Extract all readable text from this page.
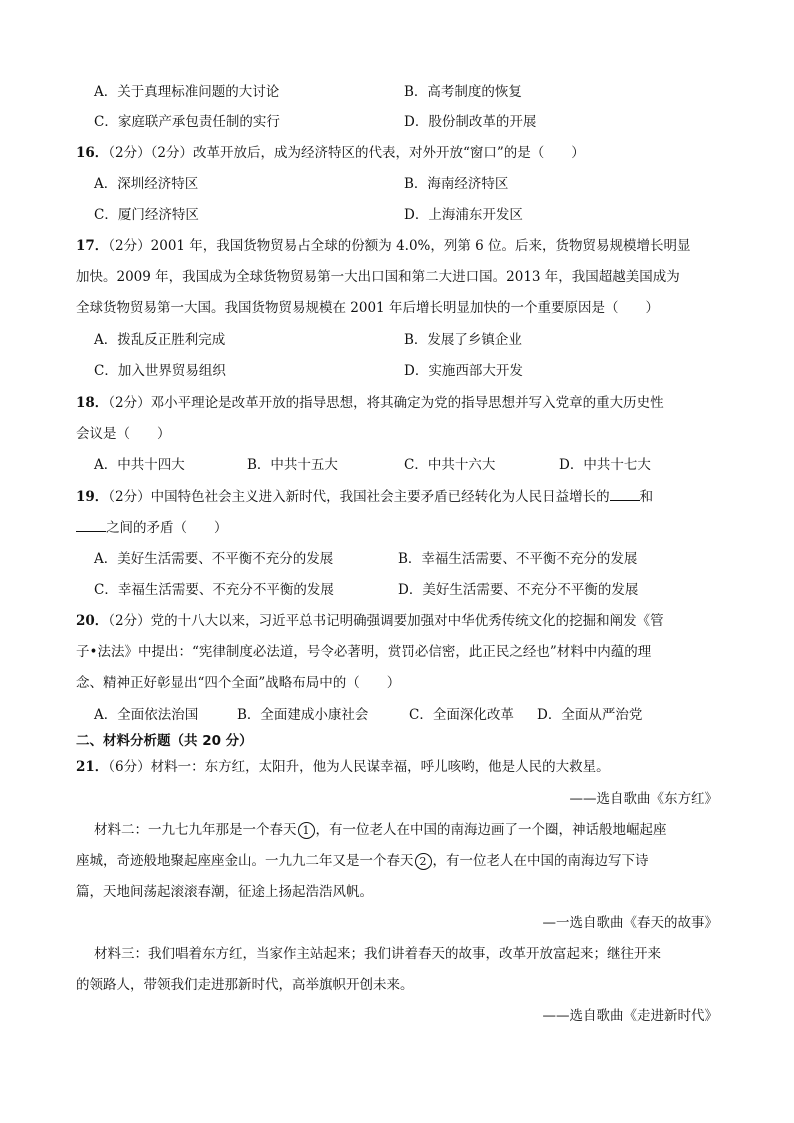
A．关于真理标准问题的大讨论	B．高考制度的恢复
C．家庭联产承包责任制的实行	D．股份制改革的开展
16．（2分）（2分）改革开放后，成为经济特区的代表，对外开放“窗口”的是（　　）
A．深圳经济特区	B．海南经济特区
C．厦门经济特区	D．上海浦东开发区
17．（2分）2001 年，我国货物贸易占全球的份额为 4.0%，列第 6 位。后来，货物贸易规模增长明显
加快。2009 年，我国成为全球货物贸易第一大出口国和第二大进口国。2013 年，我国超越美国成为
全球货物贸易第一大国。我国货物贸易规模在 2001 年后增长明显加快的一个重要原因是（　　）
A．拨乱反正胜利完成	B．发展了乡镇企业
C．加入世界贸易组织	D．实施西部大开发
18．（2分）邓小平理论是改革开放的指导思想，将其确定为党的指导思想并写入党章的重大历史性
会议是（　　）
A．中共十四大	B．中共十五大	C．中共十六大	D．中共十七大
19．（2分）中国特色社会主义进入新时代，我国社会主要矛盾已经转化为人民日益增长的 和
之间的矛盾（　　）
A．美好生活需要、不平衡不充分的发展	B．幸福生活需要、不平衡不充分的发展
C．幸福生活需要、不充分不平衡的发展	D．美好生活需要、不充分不平衡的发展
20．（2分）党的十八大以来，习近平总书记明确强调要加强对中华优秀传统文化的挖掘和阐发《管
子•法法》中提出：“宪律制度必法道，号令必著明，赏罚必信密，此正民之经也”材料中内蕴的理
念、精神正好彰显出“四个全面”战略布局中的（　　）
A．全面依法治国	B．全面建成小康社会	C．全面深化改革 D．全面从严治党
二、材料分析题（共 20 分）
21．（6分）材料一：东方红，太阳升，他为人民谋幸福，呼儿咳哟，他是人民的大救星。
——选自歌曲《东方红》
材料二：一九七九年那是一个春天 1 ，有一位老人在中国的南海边画了一个圈，神话般地崛起座
座城，奇迹般地聚起座座金山。一九九二年又是一个春天 2 ，有一位老人在中国的南海边写下诗
篇，天地间荡起滚滚春潮，征途上扬起浩浩风帆。
—一选自歌曲《春天的故事》
材料三：我们唱着东方红，当家作主站起来；我们讲着春天的故事，改革开放富起来；继往开来
的领路人，带领我们走进那新时代，高举旗帜开创未来。
——选自歌曲《走进新时代》
